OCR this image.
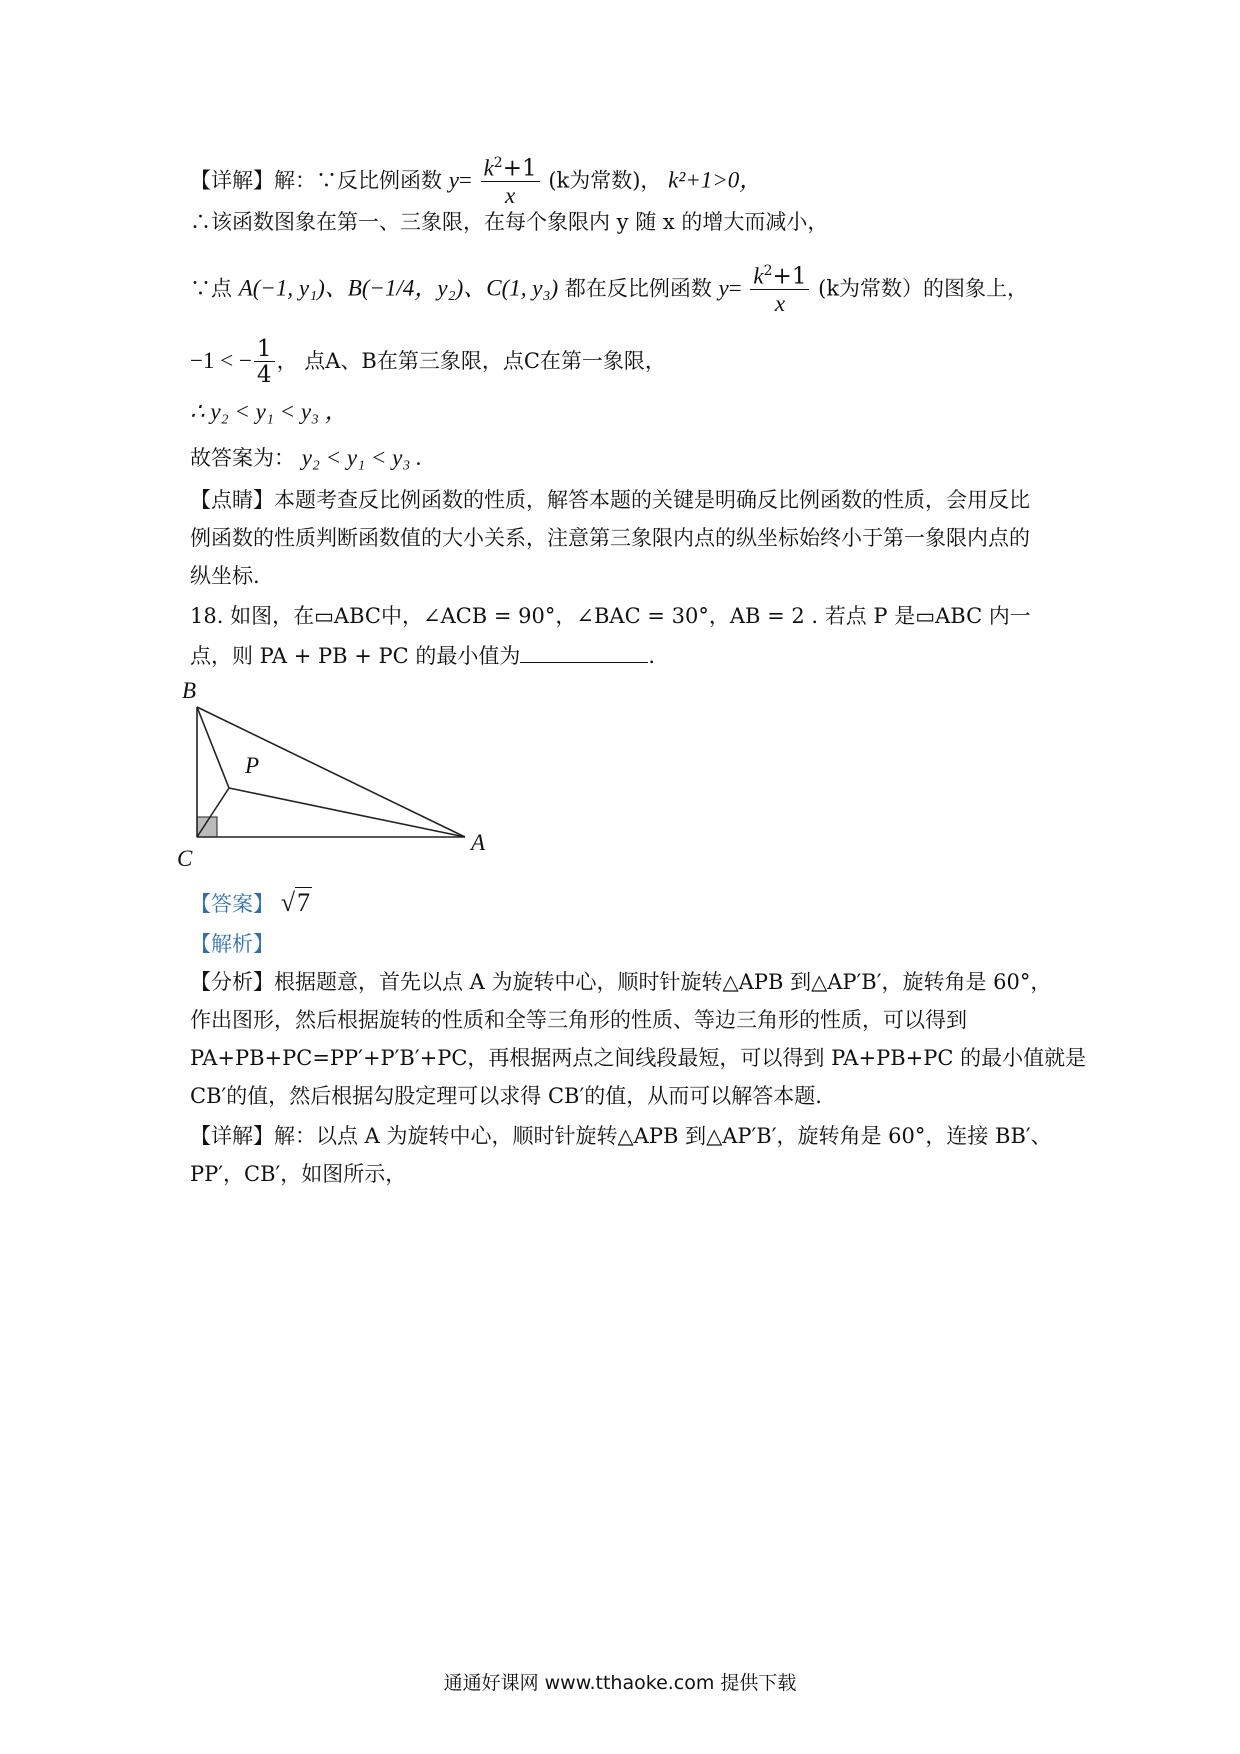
【详解】解：∵反比例函数 $y= \frac{k^2+1}{x} (k$为常数)， k²+1>0，
∴该函数图象在第一、三象限，在每个象限内 y 随 x 的增大而减小，
∵点 A(−1, y₁)、B(−1/4，y₂)、C(1, y₃) 都在反比例函数 $y= \frac{k^2+1}{x} (k$为常数）的图象上，
−1 < − $\frac{1}{4}$ ， 点A、B在第三象限，点C在第一象限，
∴ y₂ < y₁ < y₃ ，
故答案为： y₂ < y₁ < y₃ .
【点睛】本题考查反比例函数的性质，解答本题的关键是明确反比例函数的性质，会用反比
例函数的性质判断函数值的大小关系，注意第三象限内点的纵坐标始终小于第一象限内点的
纵坐标.
18. 如图，在▭ABC中，∠ACB = 90°，∠BAC = 30°，AB = 2 . 若点 P 是▭ABC 内一
点，则 PA + PB + PC 的最小值为	.
B
P
C
A
【答案】 √7
【解析】
【分析】根据题意，首先以点 A 为旋转中心，顺时针旋转△APB 到△AP′B′，旋转角是 60°，
作出图形，然后根据旋转的性质和全等三角形的性质、等边三角形的性质，可以得到
PA+PB+PC=PP′+P′B′+PC，再根据两点之间线段最短，可以得到 PA+PB+PC 的最小值就是
CB′的值，然后根据勾股定理可以求得 CB′的值，从而可以解答本题.
【详解】解：以点 A 为旋转中心，顺时针旋转△APB 到△AP′B′，旋转角是 60°，连接 BB′、
PP′，CB′，如图所示，
通通好课网 www.tthaoke.com 提供下载
